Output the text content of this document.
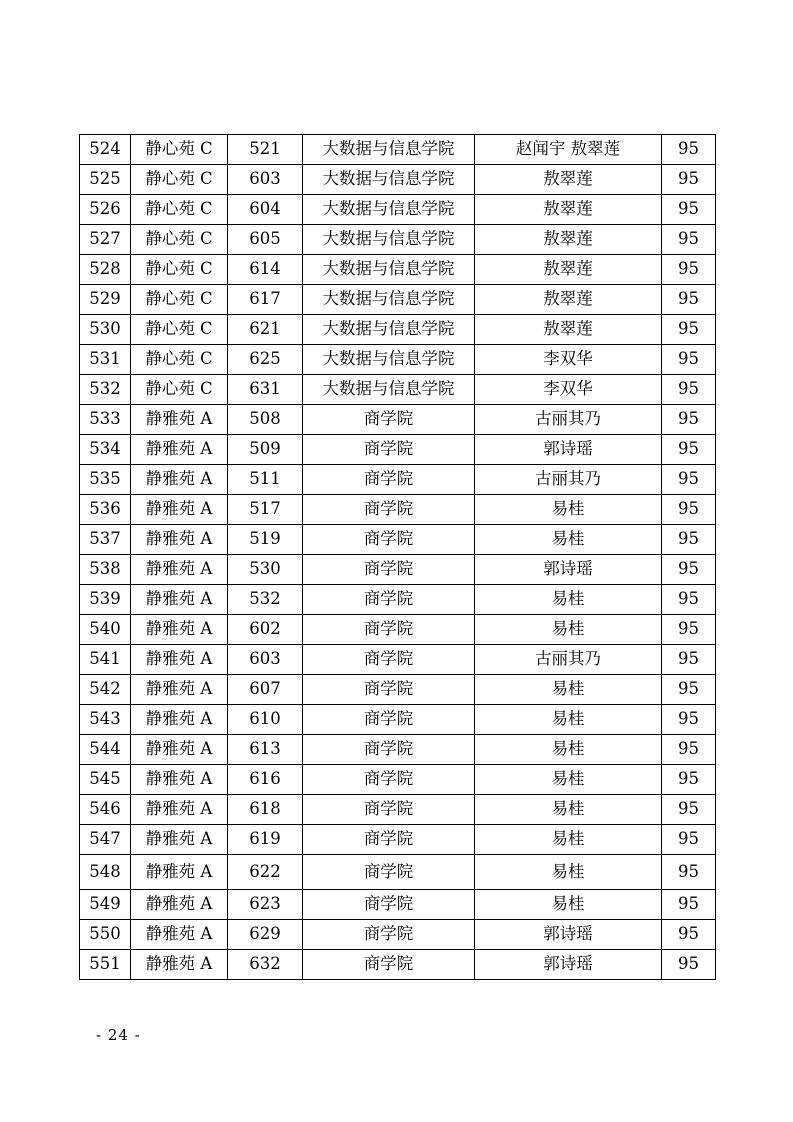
524	静心苑 C	521	大数据与信息学院	赵闻宇 敖翠莲	95
525	静心苑 C	603	大数据与信息学院	敖翠莲	95
526	静心苑 C	604	大数据与信息学院	敖翠莲	95
527	静心苑 C	605	大数据与信息学院	敖翠莲	95
528	静心苑 C	614	大数据与信息学院	敖翠莲	95
529	静心苑 C	617	大数据与信息学院	敖翠莲	95
530	静心苑 C	621	大数据与信息学院	敖翠莲	95
531	静心苑 C	625	大数据与信息学院	李双华	95
532	静心苑 C	631	大数据与信息学院	李双华	95
533	静雅苑 A	508	商学院	古丽其乃	95
534	静雅苑 A	509	商学院	郭诗瑶	95
535	静雅苑 A	511	商学院	古丽其乃	95
536	静雅苑 A	517	商学院	易桂	95
537	静雅苑 A	519	商学院	易桂	95
538	静雅苑 A	530	商学院	郭诗瑶	95
539	静雅苑 A	532	商学院	易桂	95
540	静雅苑 A	602	商学院	易桂	95
541	静雅苑 A	603	商学院	古丽其乃	95
542	静雅苑 A	607	商学院	易桂	95
543	静雅苑 A	610	商学院	易桂	95
544	静雅苑 A	613	商学院	易桂	95
545	静雅苑 A	616	商学院	易桂	95
546	静雅苑 A	618	商学院	易桂	95
547	静雅苑 A	619	商学院	易桂	95
548	静雅苑 A	622	商学院	易桂	95
549	静雅苑 A	623	商学院	易桂	95
550	静雅苑 A	629	商学院	郭诗瑶	95
551	静雅苑 A	632	商学院	郭诗瑶	95
- 24 -
